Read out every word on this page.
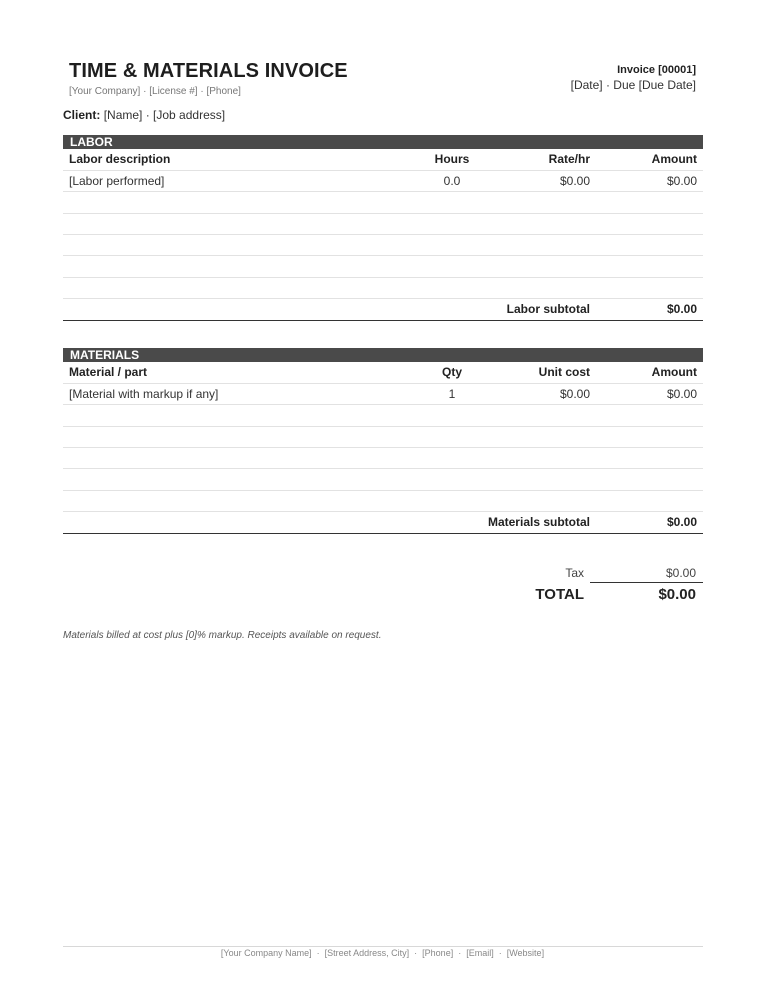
TIME & MATERIALS INVOICE
[Your Company] · [License #] · [Phone]
Invoice [00001]
[Date] · Due [Due Date]
Client: [Name] · [Job address]
LABOR
Labor description	Hours	Rate/hr	Amount
[Labor performed]	0.0	$0.00	$0.00

	Labor subtotal		$0.00
MATERIALS
Material / part	Qty	Unit cost	Amount
[Material with markup if any]	1	$0.00	$0.00

	Materials subtotal		$0.00
Tax	$0.00
TOTAL	$0.00
Materials billed at cost plus [0]% markup. Receipts available on request.
[Your Company Name] · [Street Address, City] · [Phone] · [Email] · [Website]
